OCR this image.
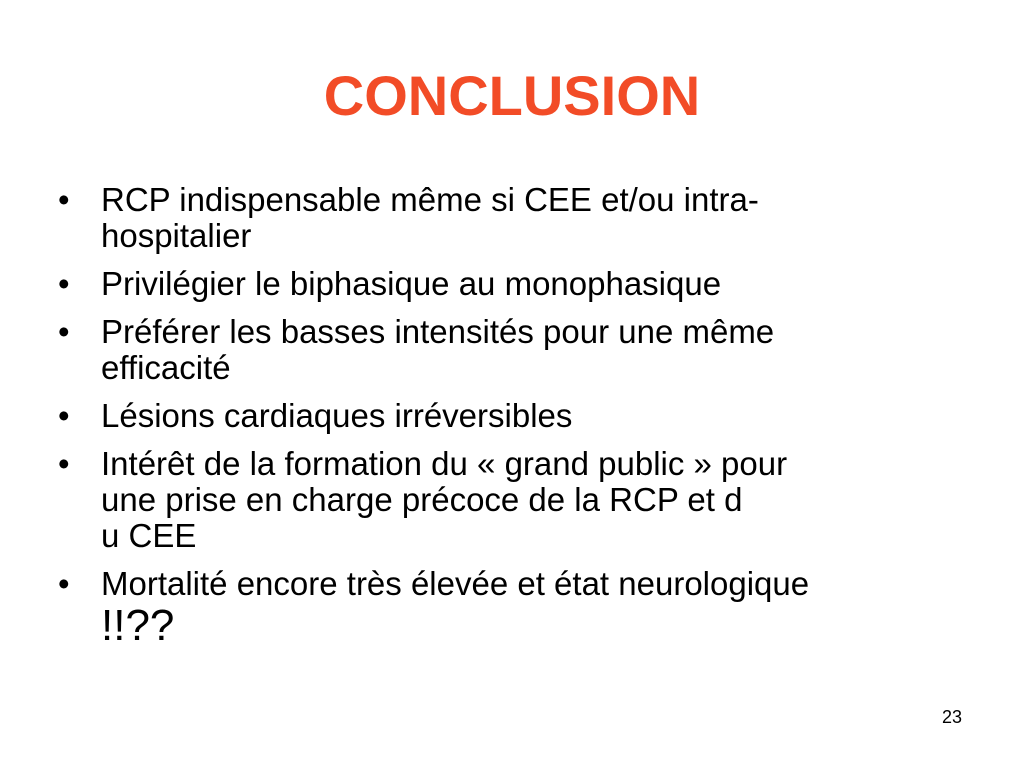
CONCLUSION
• RCP indispensable même si CEE et/ou intra-
hospitalier
• Privilégier le biphasique au monophasique
• Préférer les basses intensités pour une même
efficacité
• Lésions cardiaques irréversibles
• Intérêt de la formation du « grand public » pour
une prise en charge précoce de la RCP et d
u CEE
• Mortalité encore très élevée et état neurologique
!!??
23
